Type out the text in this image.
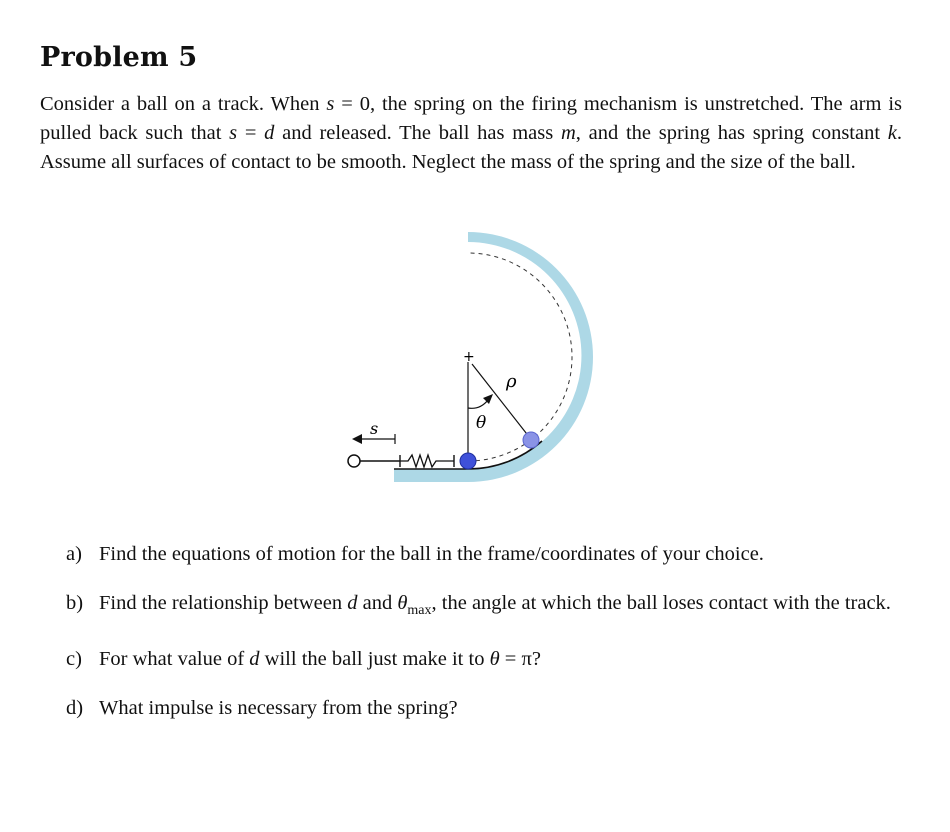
Problem 5
Consider a ball on a track. When s = 0, the spring on the firing mechanism is unstretched. The arm is pulled back such that s = d and released. The ball has mass m, and the spring has spring constant k. Assume all surfaces of contact to be smooth. Neglect the mass of the spring and the size of the ball.
+
ρ
θ
s
a) Find the equations of motion for the ball in the frame/coordinates of your choice.
b) Find the relationship between d and $\theta_{max}$, the angle at which the ball loses contact with the track.
c) For what value of d will the ball just make it to θ = π?
d) What impulse is necessary from the spring?
